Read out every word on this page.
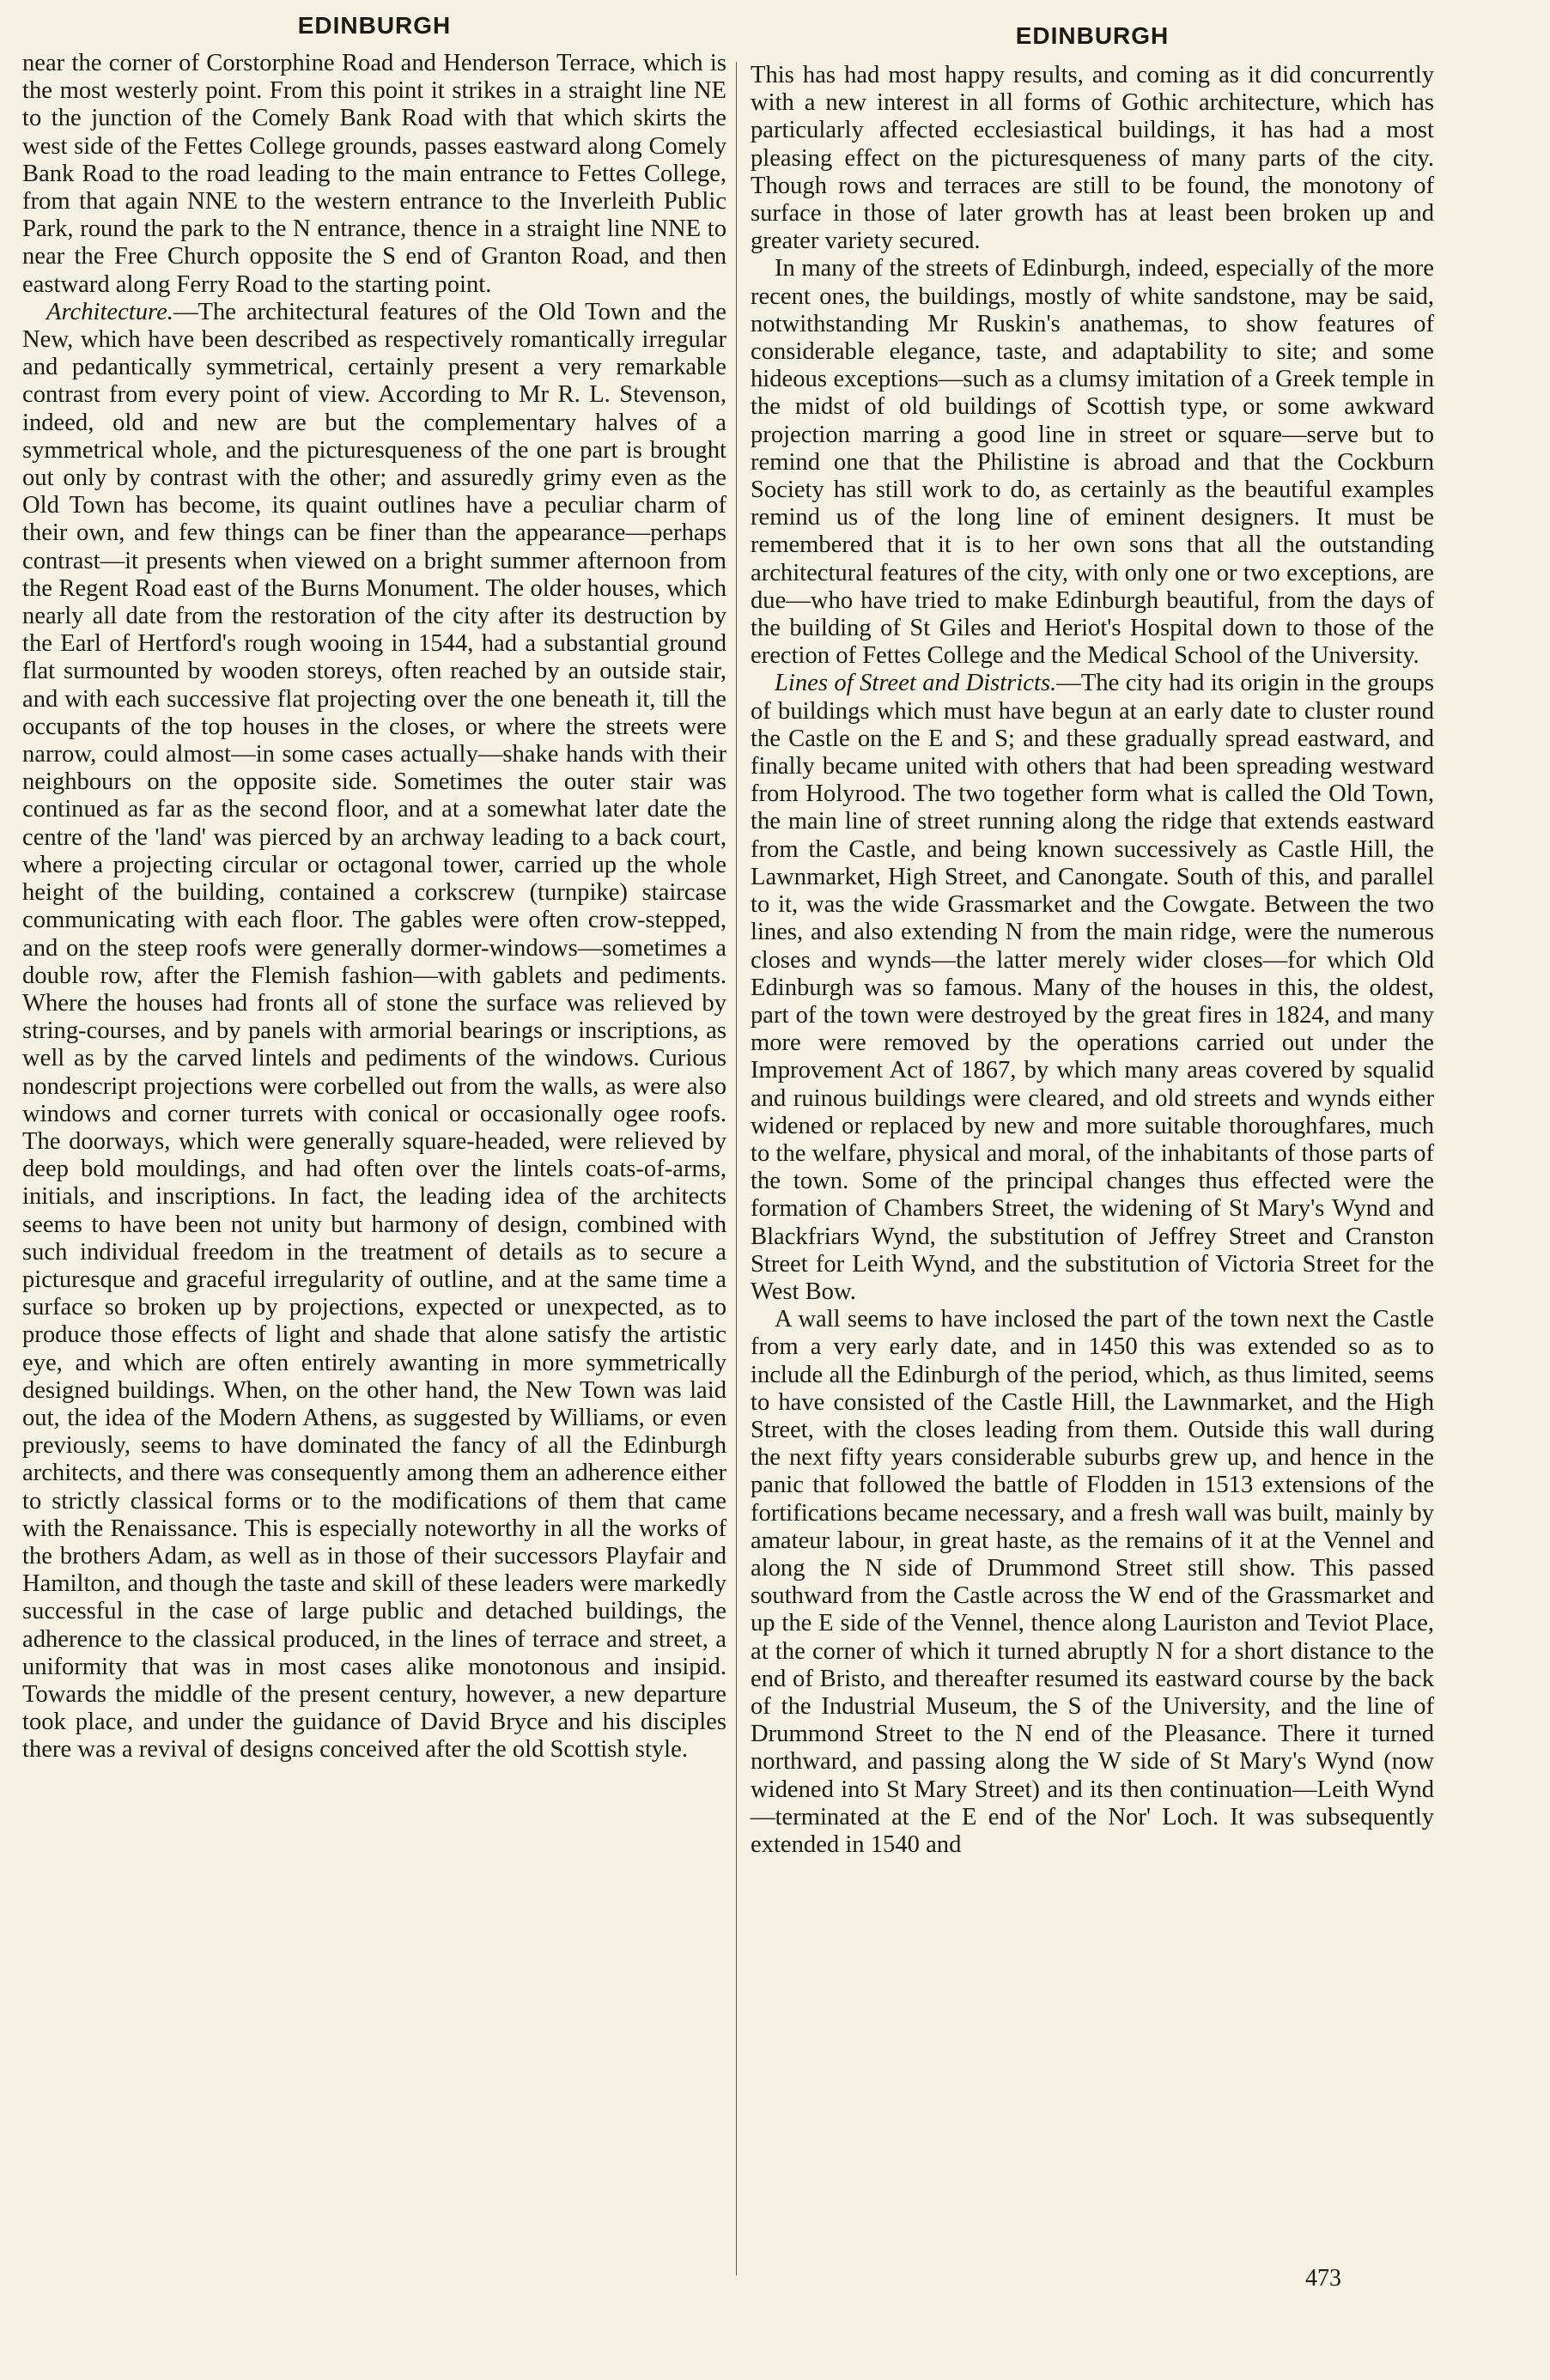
EDINBURGH

near the corner of Corstorphine Road and Henderson Terrace, which is the most westerly point. From this point it strikes in a straight line NE to the junction of the Comely Bank Road with that which skirts the west side of the Fettes College grounds, passes eastward along Comely Bank Road to the road leading to the main entrance to Fettes College, from that again NNE to the western entrance to the Inverleith Public Park, round the park to the N entrance, thence in a straight line NNE to near the Free Church opposite the S end of Granton Road, and then eastward along Ferry Road to the starting point.

Architecture.—The architectural features of the Old Town and the New, which have been described as respectively romantically irregular and pedantically symmetrical, certainly present a very remarkable contrast from every point of view. According to Mr R. L. Stevenson, indeed, old and new are but the complementary halves of a symmetrical whole, and the picturesqueness of the one part is brought out only by contrast with the other; and assuredly grimy even as the Old Town has become, its quaint outlines have a peculiar charm of their own, and few things can be finer than the appearance—perhaps contrast—it presents when viewed on a bright summer afternoon from the Regent Road east of the Burns Monument. The older houses, which nearly all date from the restoration of the city after its destruction by the Earl of Hertford's rough wooing in 1544, had a substantial ground flat surmounted by wooden storeys, often reached by an outside stair, and with each successive flat projecting over the one beneath it, till the occupants of the top houses in the closes, or where the streets were narrow, could almost—in some cases actually—shake hands with their neighbours on the opposite side. Sometimes the outer stair was continued as far as the second floor, and at a somewhat later date the centre of the 'land' was pierced by an archway leading to a back court, where a projecting circular or octagonal tower, carried up the whole height of the building, contained a corkscrew (turnpike) staircase communicating with each floor. The gables were often crow-stepped, and on the steep roofs were generally dormer-windows—sometimes a double row, after the Flemish fashion—with gablets and pediments. Where the houses had fronts all of stone the surface was relieved by string-courses, and by panels with armorial bearings or inscriptions, as well as by the carved lintels and pediments of the windows. Curious nondescript projections were corbelled out from the walls, as were also windows and corner turrets with conical or occasionally ogee roofs. The doorways, which were generally square-headed, were relieved by deep bold mouldings, and had often over the lintels coats-of-arms, initials, and inscriptions. In fact, the leading idea of the architects seems to have been not unity but harmony of design, combined with such individual freedom in the treatment of details as to secure a picturesque and graceful irregularity of outline, and at the same time a surface so broken up by projections, expected or unexpected, as to produce those effects of light and shade that alone satisfy the artistic eye, and which are often entirely awanting in more symmetrically designed buildings. When, on the other hand, the New Town was laid out, the idea of the Modern Athens, as suggested by Williams, or even previously, seems to have dominated the fancy of all the Edinburgh architects, and there was consequently among them an adherence either to strictly classical forms or to the modifications of them that came with the Renaissance. This is especially noteworthy in all the works of the brothers Adam, as well as in those of their successors Playfair and Hamilton, and though the taste and skill of these leaders were markedly successful in the case of large public and detached buildings, the adherence to the classical produced, in the lines of terrace and street, a uniformity that was in most cases alike monotonous and insipid. Towards the middle of the present century, however, a new departure took place, and under the guidance of David Bryce and his disciples there was a revival of designs conceived after the old Scottish style.

EDINBURGH

This has had most happy results, and coming as it did concurrently with a new interest in all forms of Gothic architecture, which has particularly affected ecclesiastical buildings, it has had a most pleasing effect on the picturesqueness of many parts of the city. Though rows and terraces are still to be found, the monotony of surface in those of later growth has at least been broken up and greater variety secured.

In many of the streets of Edinburgh, indeed, especially of the more recent ones, the buildings, mostly of white sandstone, may be said, notwithstanding Mr Ruskin's anathemas, to show features of considerable elegance, taste, and adaptability to site; and some hideous exceptions—such as a clumsy imitation of a Greek temple in the midst of old buildings of Scottish type, or some awkward projection marring a good line in street or square—serve but to remind one that the Philistine is abroad and that the Cockburn Society has still work to do, as certainly as the beautiful examples remind us of the long line of eminent designers. It must be remembered that it is to her own sons that all the outstanding architectural features of the city, with only one or two exceptions, are due—who have tried to make Edinburgh beautiful, from the days of the building of St Giles and Heriot's Hospital down to those of the erection of Fettes College and the Medical School of the University.

Lines of Street and Districts.—The city had its origin in the groups of buildings which must have begun at an early date to cluster round the Castle on the E and S; and these gradually spread eastward, and finally became united with others that had been spreading westward from Holyrood. The two together form what is called the Old Town, the main line of street running along the ridge that extends eastward from the Castle, and being known successively as Castle Hill, the Lawnmarket, High Street, and Canongate. South of this, and parallel to it, was the wide Grassmarket and the Cowgate. Between the two lines, and also extending N from the main ridge, were the numerous closes and wynds—the latter merely wider closes—for which Old Edinburgh was so famous. Many of the houses in this, the oldest, part of the town were destroyed by the great fires in 1824, and many more were removed by the operations carried out under the Improvement Act of 1867, by which many areas covered by squalid and ruinous buildings were cleared, and old streets and wynds either widened or replaced by new and more suitable thoroughfares, much to the welfare, physical and moral, of the inhabitants of those parts of the town. Some of the principal changes thus effected were the formation of Chambers Street, the widening of St Mary's Wynd and Blackfriars Wynd, the substitution of Jeffrey Street and Cranston Street for Leith Wynd, and the substitution of Victoria Street for the West Bow.

A wall seems to have inclosed the part of the town next the Castle from a very early date, and in 1450 this was extended so as to include all the Edinburgh of the period, which, as thus limited, seems to have consisted of the Castle Hill, the Lawnmarket, and the High Street, with the closes leading from them. Outside this wall during the next fifty years considerable suburbs grew up, and hence in the panic that followed the battle of Flodden in 1513 extensions of the fortifications became necessary, and a fresh wall was built, mainly by amateur labour, in great haste, as the remains of it at the Vennel and along the N side of Drummond Street still show. This passed southward from the Castle across the W end of the Grassmarket and up the E side of the Vennel, thence along Lauriston and Teviot Place, at the corner of which it turned abruptly N for a short distance to the end of Bristo, and thereafter resumed its eastward course by the back of the Industrial Museum, the S of the University, and the line of Drummond Street to the N end of the Pleasance. There it turned northward, and passing along the W side of St Mary's Wynd (now widened into St Mary Street) and its then continuation—Leith Wynd—terminated at the E end of the Nor' Loch. It was subsequently extended in 1540 and

473
